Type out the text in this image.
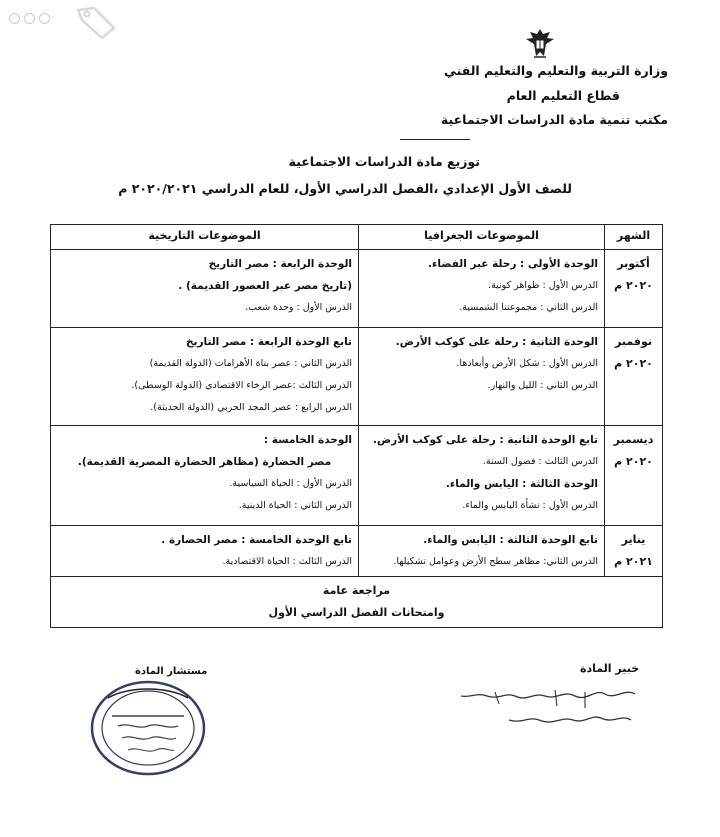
وزارة التربية والتعليم والتعليم الفني
قطاع التعليم العام
مكتب تنمية مادة الدراسات الاجتماعية
توزيع مادة الدراسات الاجتماعية
للصف الأول الإعدادي ،الفصل الدراسي الأول، للعام الدراسي ٢٠٢٠/٢٠٢١ م
الشهر	الموضوعات الجغرافيا	الموضوعات التاريخية

أكتوبر
٢٠٢٠ م	الوحدة الأولى : رحلة عبر الفضاء.
الدرس الأول : ظواهر كونية.
الدرس الثاني : مجموعتنا الشمسية.	الوحدة الرابعة : مصر التاريخ
(تاريخ مصر عبر العصور القديمة) .
الدرس الأول : وحدة شعب.

نوفمبر
٢٠٢٠ م	الوحدة الثانية : رحلة على كوكب الأرض.
الدرس الأول : شكل الأرض وأبعادها.
الدرس الثاني : الليل والنهار.	تابع الوحدة الرابعة : مصر التاريخ
الدرس الثاني : عصر بناة الأهرامات (الدولة القديمة)
الدرس الثالث :عصر الرخاء الاقتصادي (الدولة الوسطى).
الدرس الرابع : عصر المجد الحربي (الدولة الحديثة).

ديسمبر
٢٠٢٠ م	تابع الوحدة الثانية : رحلة على كوكب الأرض.
الدرس الثالث : فصول السنة.
الوحدة الثالثة : اليابس والماء.
الدرس الأول : نشأة اليابس والماء.	الوحدة الخامسة :
مصر الحضارة (مظاهر الحضارة المصرية القديمة).
الدرس الأول : الحياة السياسية.
الدرس الثاني : الحياة الدينية.

يناير
٢٠٢١ م	تابع الوحدة الثالثة : اليابس والماء.
الدرس الثاني: مظاهر سطح الأرض وعوامل تشكيلها.	تابع الوحدة الخامسة : مصر الحضارة .
الدرس الثالث : الحياة الاقتصادية.

مراجعة عامة
وامتحانات الفصل الدراسي الأول		
خبير المادة
مستشار المادة
